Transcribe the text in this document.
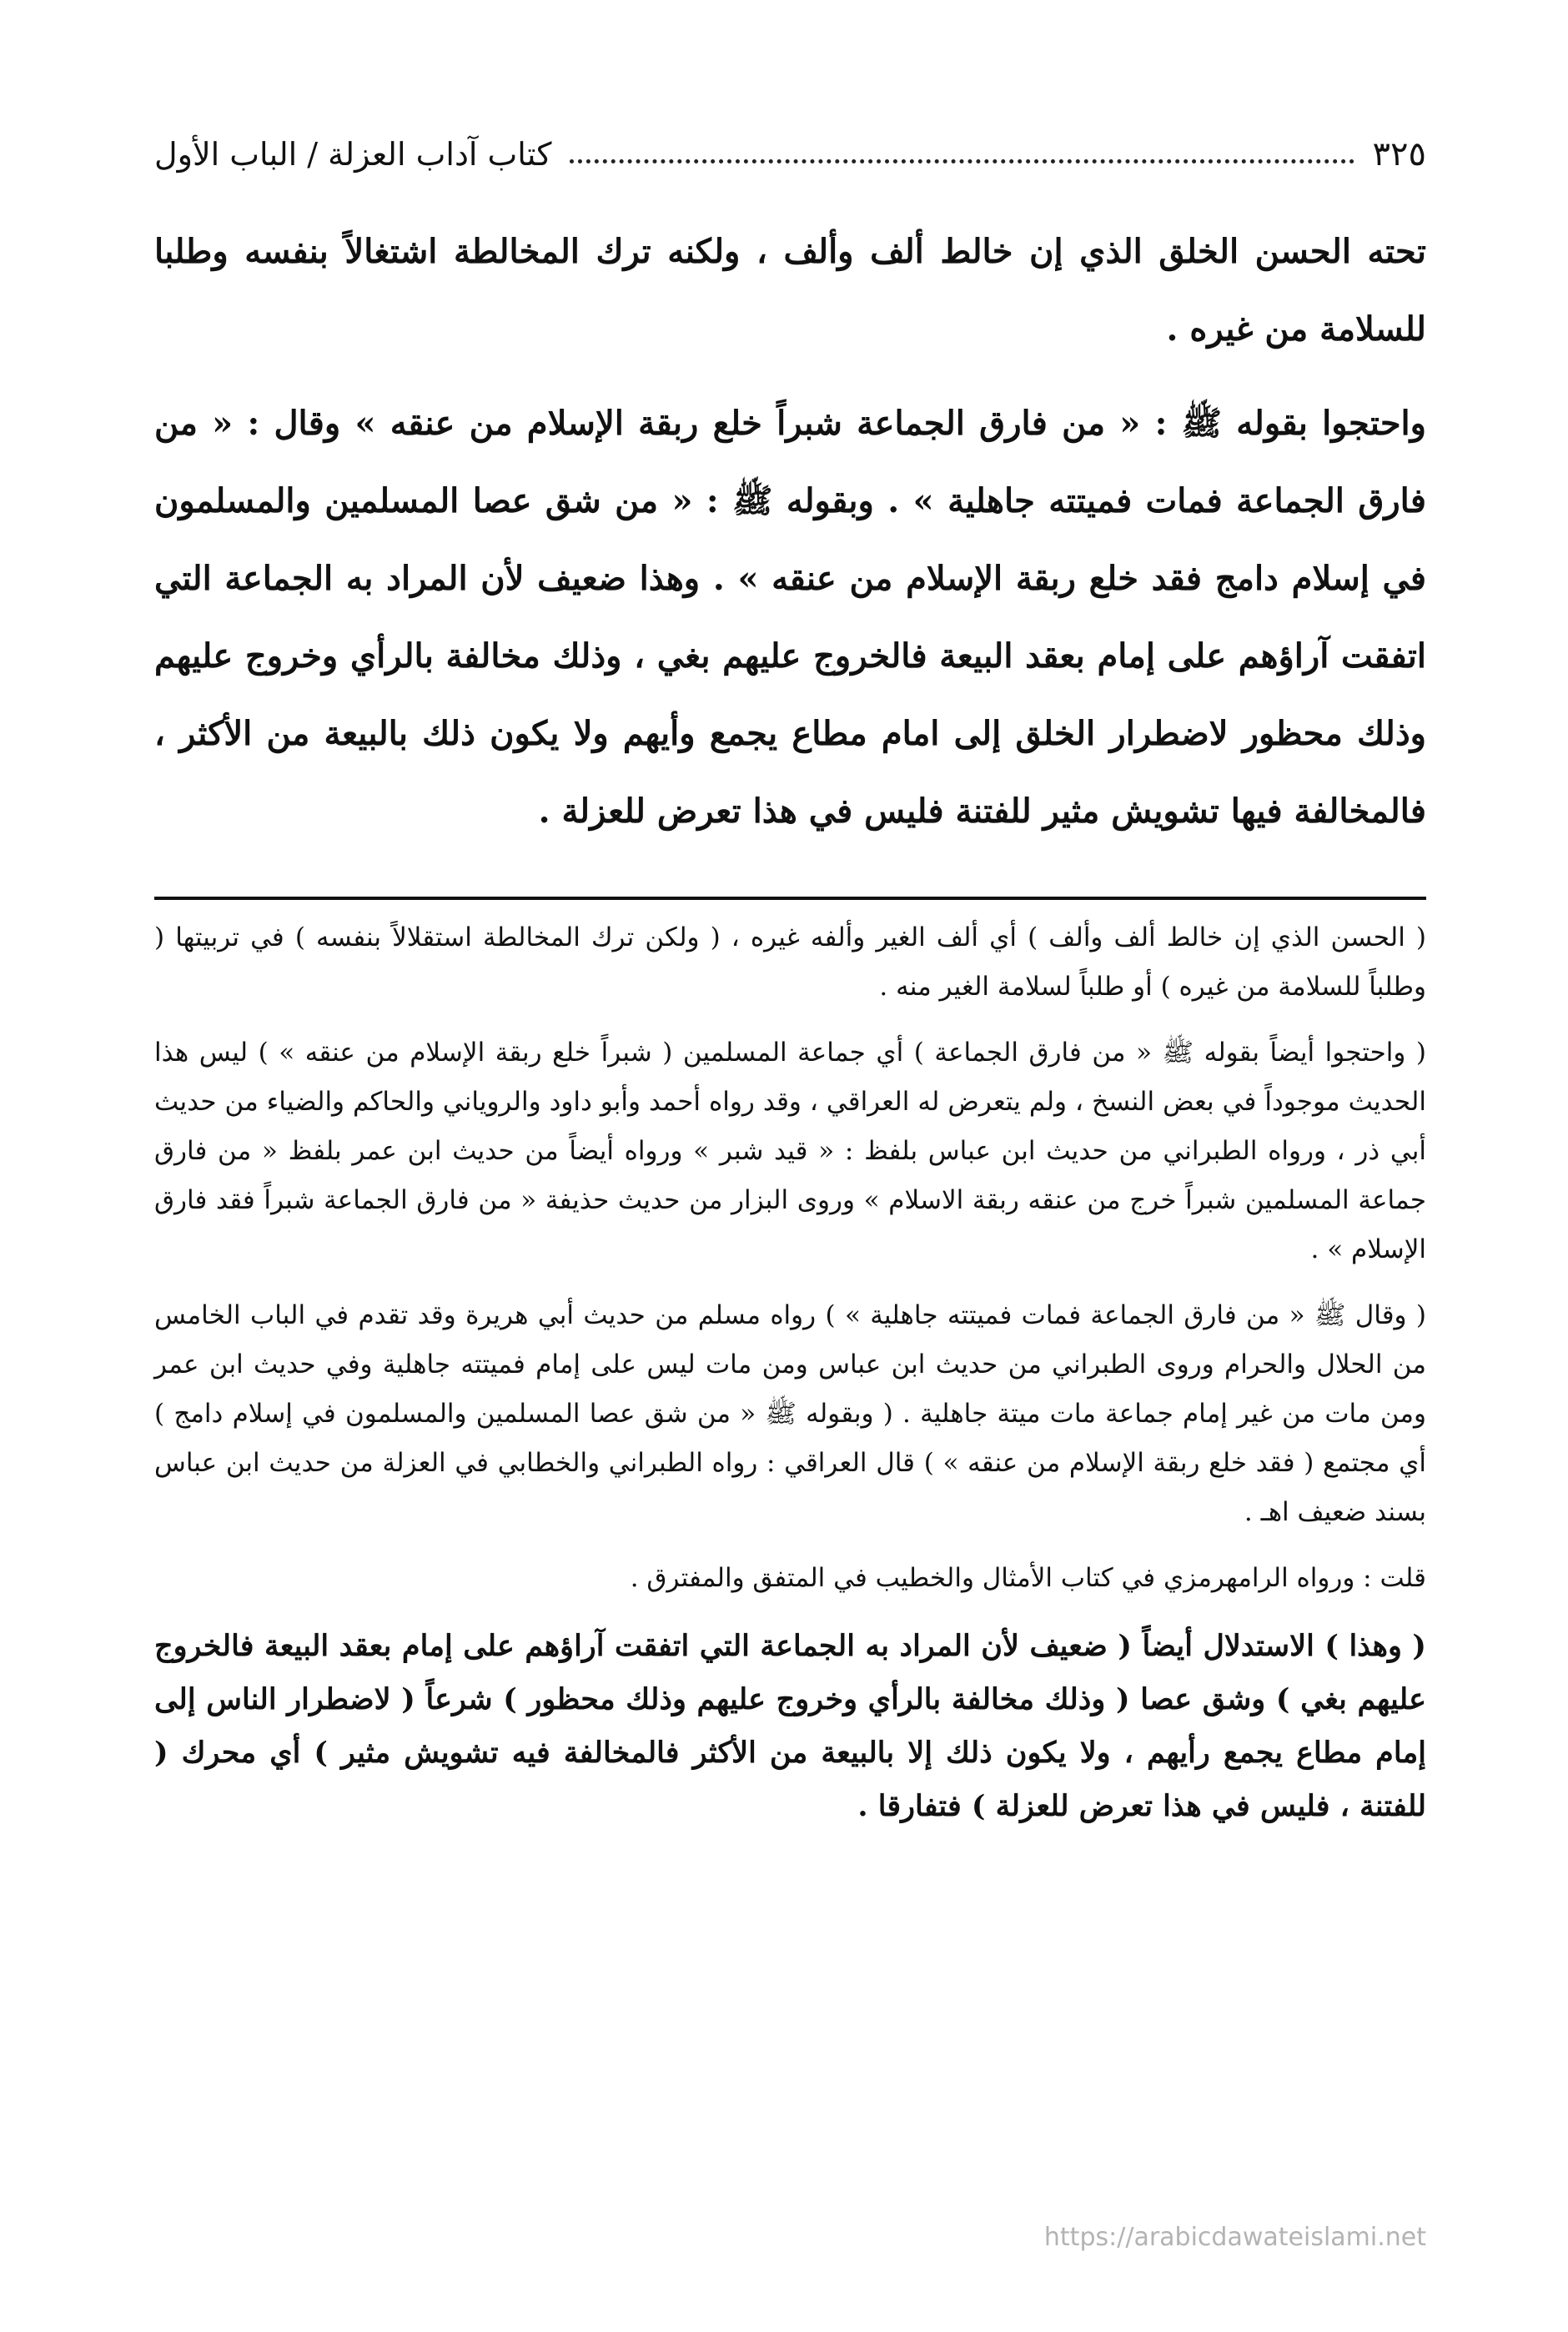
كتاب آداب العزلة / الباب الأول	٣٢٥

تحته الحسن الخلق الذي إن خالط ألف وألف ، ولكنه ترك المخالطة اشتغالاً بنفسه وطلبا للسلامة من غيره .

واحتجوا بقوله ﷺ : « من فارق الجماعة شبراً خلع ربقة الإسلام من عنقه » وقال : « من فارق الجماعة فمات فميتته جاهلية » . وبقوله ﷺ : « من شق عصا المسلمين والمسلمون في إسلام دامج فقد خلع ربقة الإسلام من عنقه » . وهذا ضعيف لأن المراد به الجماعة التي اتفقت آراؤهم على إمام بعقد البيعة فالخروج عليهم بغي ، وذلك مخالفة بالرأي وخروج عليهم وذلك محظور لاضطرار الخلق إلى امام مطاع يجمع وأيهم ولا يكون ذلك بالبيعة من الأكثر ، فالمخالفة فيها تشويش مثير للفتنة فليس في هذا تعرض للعزلة .

( الحسن الذي إن خالط ألف وألف ) أي ألف الغير وألفه غيره ، ( ولكن ترك المخالطة استقلالاً بنفسه ) في تربيتها ( وطلباً للسلامة من غيره ) أو طلباً لسلامة الغير منه .

( واحتجوا أيضاً بقوله ﷺ « من فارق الجماعة ) أي جماعة المسلمين ( شبراً خلع ربقة الإسلام من عنقه » ) ليس هذا الحديث موجوداً في بعض النسخ ، ولم يتعرض له العراقي ، وقد رواه أحمد وأبو داود والروياني والحاكم والضياء من حديث أبي ذر ، ورواه الطبراني من حديث ابن عباس بلفظ : « قيد شبر » ورواه أيضاً من حديث ابن عمر بلفظ « من فارق جماعة المسلمين شبراً خرج من عنقه ربقة الاسلام » وروى البزار من حديث حذيفة « من فارق الجماعة شبراً فقد فارق الإسلام » .

( وقال ﷺ « من فارق الجماعة فمات فميتته جاهلية » ) رواه مسلم من حديث أبي هريرة وقد تقدم في الباب الخامس من الحلال والحرام وروى الطبراني من حديث ابن عباس ومن مات ليس على إمام فميتته جاهلية وفي حديث ابن عمر ومن مات من غير إمام جماعة مات ميتة جاهلية . ( وبقوله ﷺ « من شق عصا المسلمين والمسلمون في إسلام دامج ) أي مجتمع ( فقد خلع ربقة الإسلام من عنقه » ) قال العراقي : رواه الطبراني والخطابي في العزلة من حديث ابن عباس بسند ضعيف اهـ .

قلت : ورواه الرامهرمزي في كتاب الأمثال والخطيب في المتفق والمفترق .

( وهذا ) الاستدلال أيضاً ( ضعيف لأن المراد به الجماعة التي اتفقت آراؤهم على إمام بعقد البيعة فالخروج عليهم بغي ) وشق عصا ( وذلك مخالفة بالرأي وخروج عليهم وذلك محظور ) شرعاً ( لاضطرار الناس إلى إمام مطاع يجمع رأيهم ، ولا يكون ذلك إلا بالبيعة من الأكثر فالمخالفة فيه تشويش مثير ) أي محرك ( للفتنة ، فليس في هذا تعرض للعزلة ) فتفارقا .

https://arabicdawateislami.net
